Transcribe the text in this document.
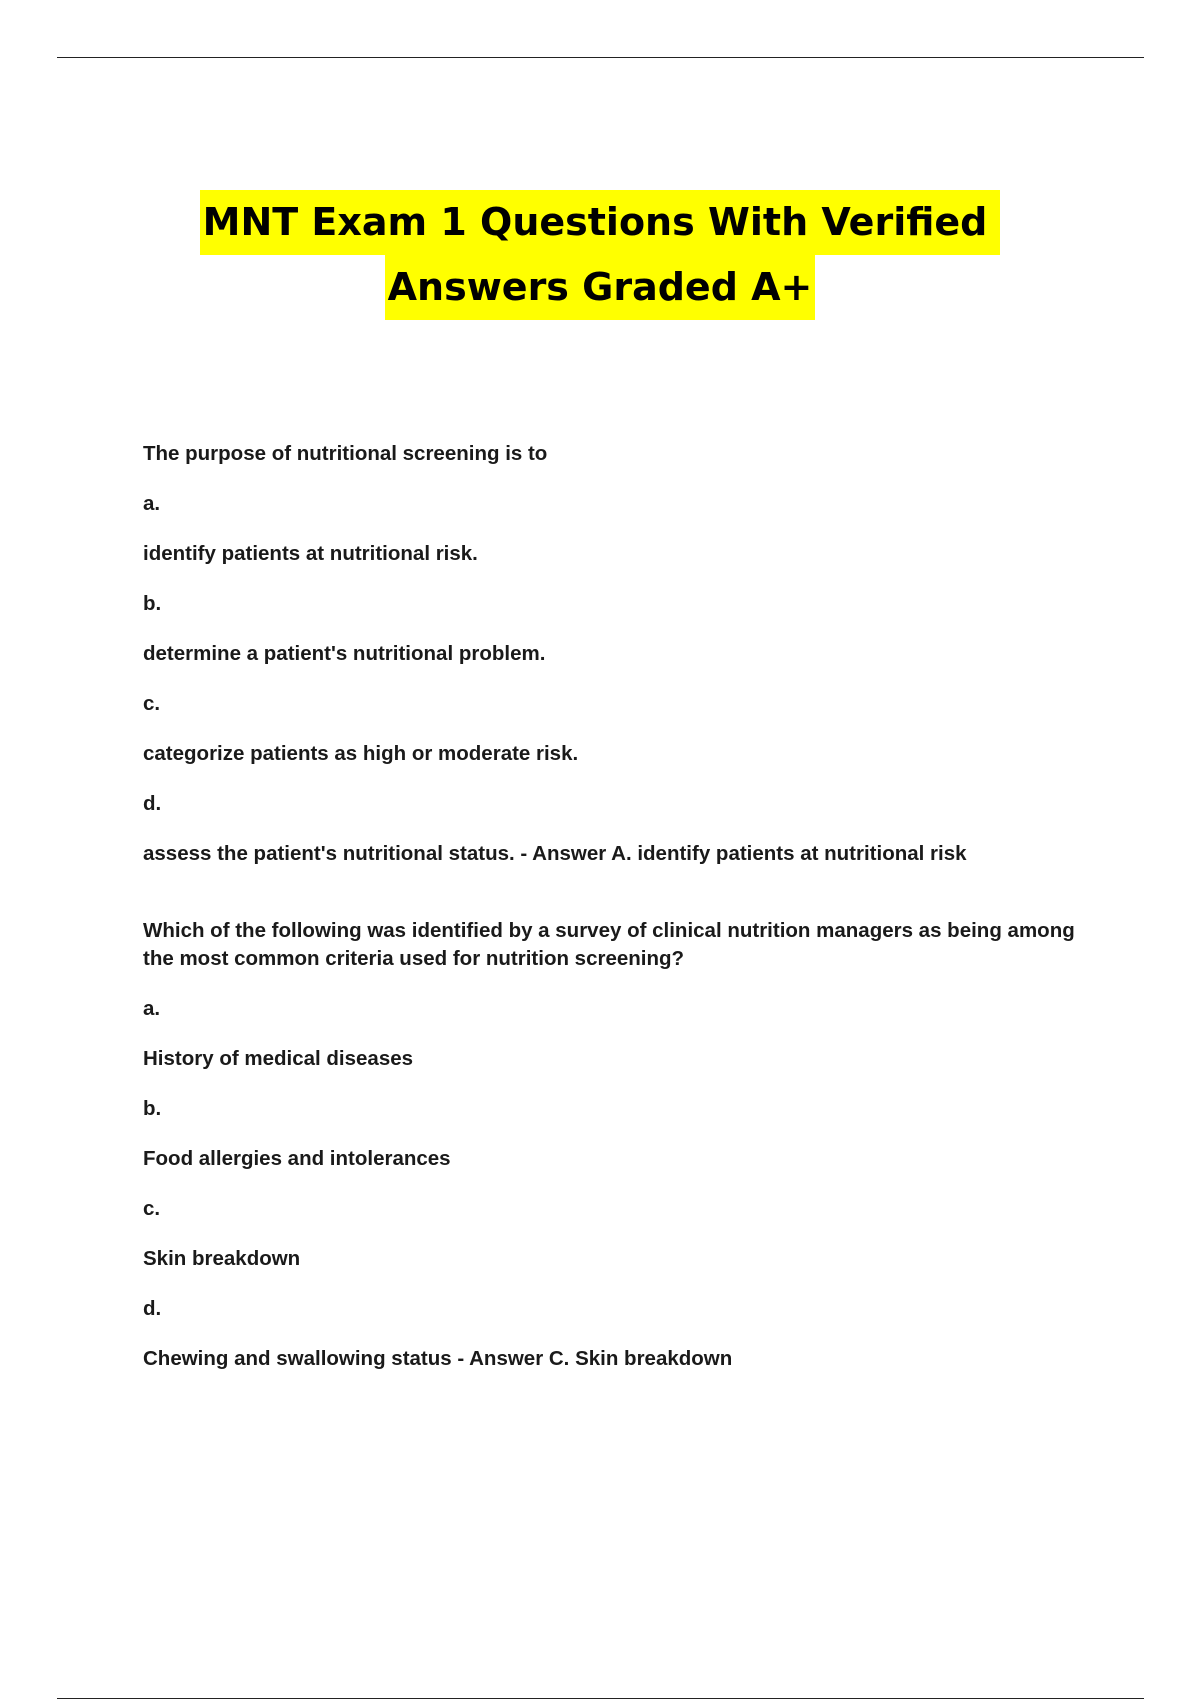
MNT Exam 1 Questions With Verified
Answers Graded A+

The purpose of nutritional screening is to

a.

identify patients at nutritional risk.

b.

determine a patient's nutritional problem.

c.

categorize patients as high or moderate risk.

d.

assess the patient's nutritional status. - Answer A. identify patients at nutritional risk

Which of the following was identified by a survey of clinical nutrition managers as being among the most common criteria used for nutrition screening?

a.

History of medical diseases

b.

Food allergies and intolerances

c.

Skin breakdown

d.

Chewing and swallowing status - Answer C. Skin breakdown
